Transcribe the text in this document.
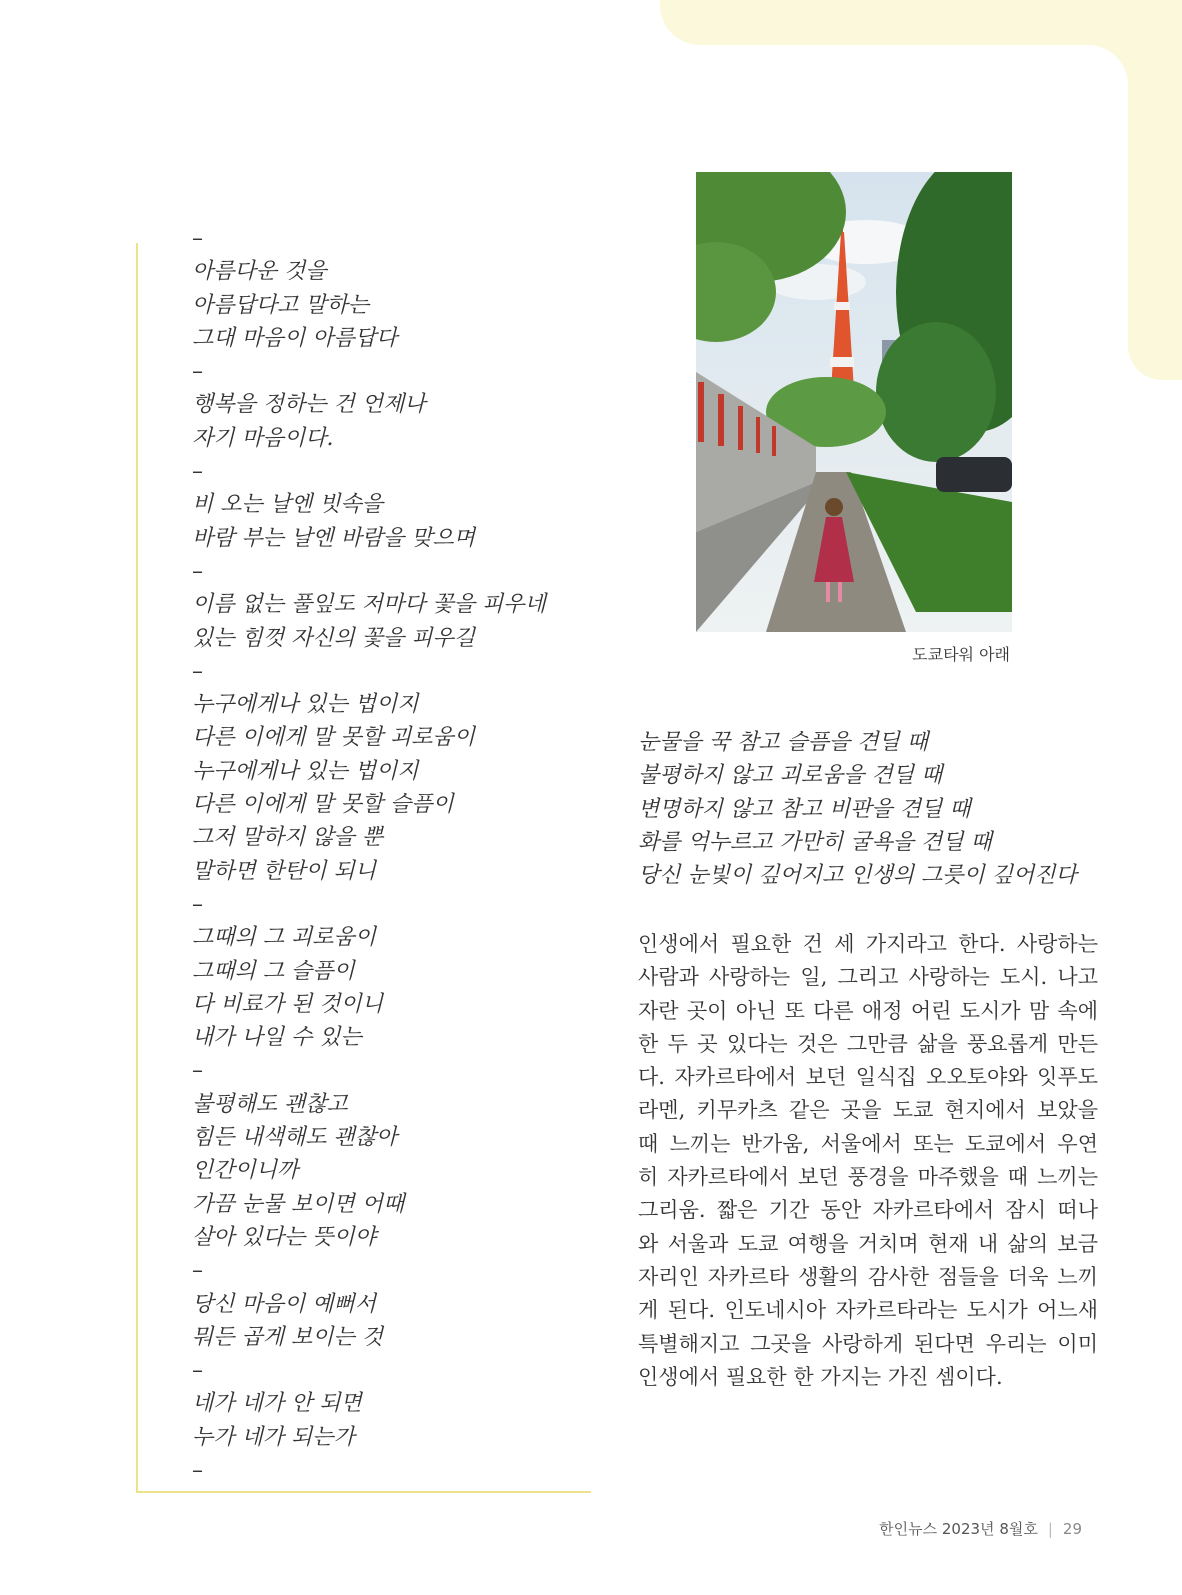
–
아름다운 것을
아름답다고 말하는
그대 마음이 아름답다
–
행복을 정하는 건 언제나
자기 마음이다.
–
비 오는 날엔 빗속을
바람 부는 날엔 바람을 맞으며
–
이름 없는 풀잎도 저마다 꽃을 피우네
있는 힘껏 자신의 꽃을 피우길
–
누구에게나 있는 법이지
다른 이에게 말 못할 괴로움이
누구에게나 있는 법이지
다른 이에게 말 못할 슬픔이
그저 말하지 않을 뿐
말하면 한탄이 되니
–
그때의 그 괴로움이
그때의 그 슬픔이
다 비료가 된 것이니
내가 나일 수 있는
–
불평해도 괜찮고
힘든 내색해도 괜찮아
인간이니까
가끔 눈물 보이면 어때
살아 있다는 뜻이야
–
당신 마음이 예뻐서
뭐든 곱게 보이는 것
–
네가 네가 안 되면
누가 네가 되는가
–
도쿄타워 아래
눈물을 꾹 참고 슬픔을 견딜 때
불평하지 않고 괴로움을 견딜 때
변명하지 않고 참고 비판을 견딜 때
화를 억누르고 가만히 굴욕을 견딜 때
당신 눈빛이 깊어지고 인생의 그릇이 깊어진다
인생에서 필요한 건 세 가지라고 한다. 사랑하는
사람과 사랑하는 일, 그리고 사랑하는 도시. 나고
자란 곳이 아닌 또 다른 애정 어린 도시가 맘 속에
한 두 곳 있다는 것은 그만큼 삶을 풍요롭게 만든
다. 자카르타에서 보던 일식집 오오토야와 잇푸도
라멘, 키무카츠 같은 곳을 도쿄 현지에서 보았을
때 느끼는 반가움, 서울에서 또는 도쿄에서 우연
히 자카르타에서 보던 풍경을 마주했을 때 느끼는
그리움. 짧은 기간 동안 자카르타에서 잠시 떠나
와 서울과 도쿄 여행을 거치며 현재 내 삶의 보금
자리인 자카르타 생활의 감사한 점들을 더욱 느끼
게 된다. 인도네시아 자카르타라는 도시가 어느새
특별해지고 그곳을 사랑하게 된다면 우리는 이미
인생에서 필요한 한 가지는 가진 셈이다.
한인뉴스 2023년 8월호 | 29
